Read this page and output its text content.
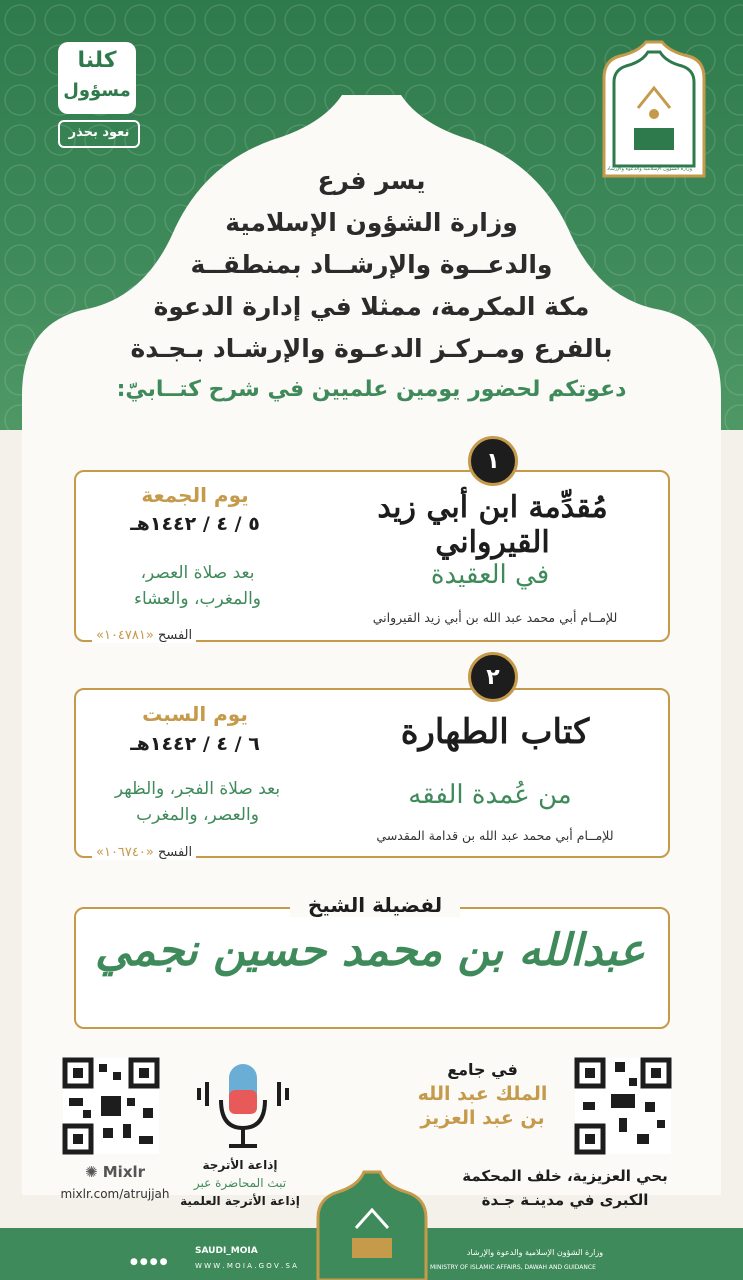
كلنا
مسؤول
نعود بحذر
وزارة الشؤون الإسلامية والدعوة والإرشاد
يسر فرع
وزارة الشؤون الإسلامية
والدعــوة والإرشــاد بمنطقــة
مكة المكرمة، ممثلا في إدارة الدعوة
بالفرع ومـركـز الدعـوة والإرشـاد بـجـدة
دعوتكم لحضور يومين علميين في شرح كتــابيّ:
١
مُقدِّمة ابن أبي زيد القيرواني
في العقيدة
للإمــام أبي محمد عبد الله بن أبي زيد القيرواني
يوم الجمعة
٥ / ٤ / ١٤٤٢هـ
بعد صلاة العصر،
والمغرب، والعشاء
الفسح «١٠٤٧٨١»
٢
كتاب الطهارة
من عُمدة الفقه
للإمــام أبي محمد عبد الله بن قدامة المقدسي
يوم السبت
٦ / ٤ / ١٤٤٢هـ
بعد صلاة الفجر، والظهر
والعصر، والمغرب
الفسح «١٠٦٧٤٠»
لفضيلة الشيخ
عبدالله بن محمد حسين نجمي
✺ Mixlr
mixlr.com/atrujjah
إذاعة الأترجة
تبث المحاضرة عبر
إذاعة الأترجة العلمية
في جامع
الملك عبد الله
بن عبد العزيز
بحي العزيزية، خلف المحكمة
الكبرى في مدينـة جـدة
SAUDI_MOIA
W W W . M O I A . G O V . S A
●●●●
وزارة الشؤون الإسلامية والدعوة والإرشاد
MINISTRY OF ISLAMIC AFFAIRS, DAWAH AND GUIDANCE
